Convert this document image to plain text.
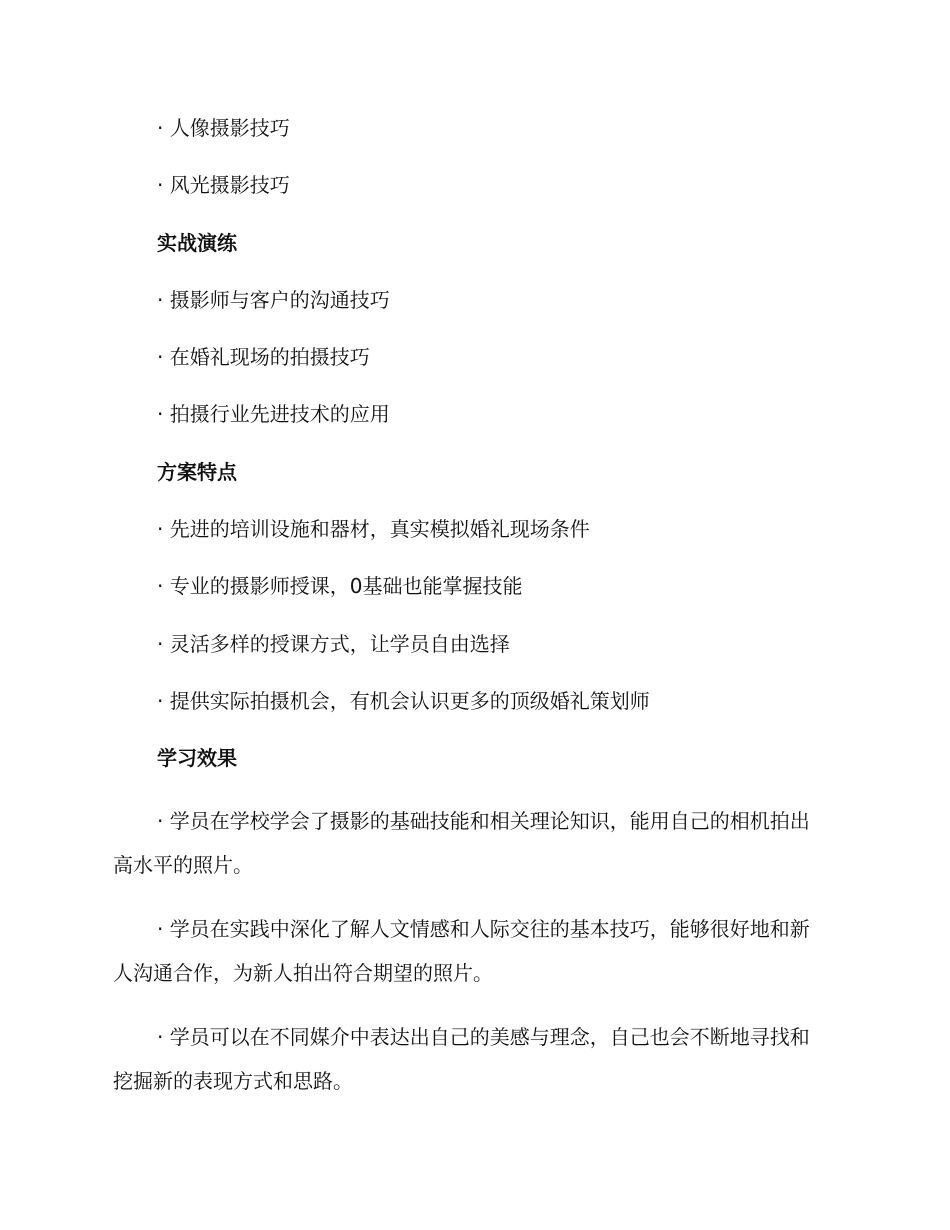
· 人像摄影技巧
· 风光摄影技巧
实战演练
· 摄影师与客户的沟通技巧
· 在婚礼现场的拍摄技巧
· 拍摄行业先进技术的应用
方案特点
· 先进的培训设施和器材，真实模拟婚礼现场条件
· 专业的摄影师授课，0基础也能掌握技能
· 灵活多样的授课方式，让学员自由选择
· 提供实际拍摄机会，有机会认识更多的顶级婚礼策划师
学习效果

· 学员在学校学会了摄影的基础技能和相关理论知识，能用自己的相机拍出高水平的照片。

· 学员在实践中深化了解人文情感和人际交往的基本技巧，能够很好地和新人沟通合作，为新人拍出符合期望的照片。

· 学员可以在不同媒介中表达出自己的美感与理念，自己也会不断地寻找和挖掘新的表现方式和思路。
